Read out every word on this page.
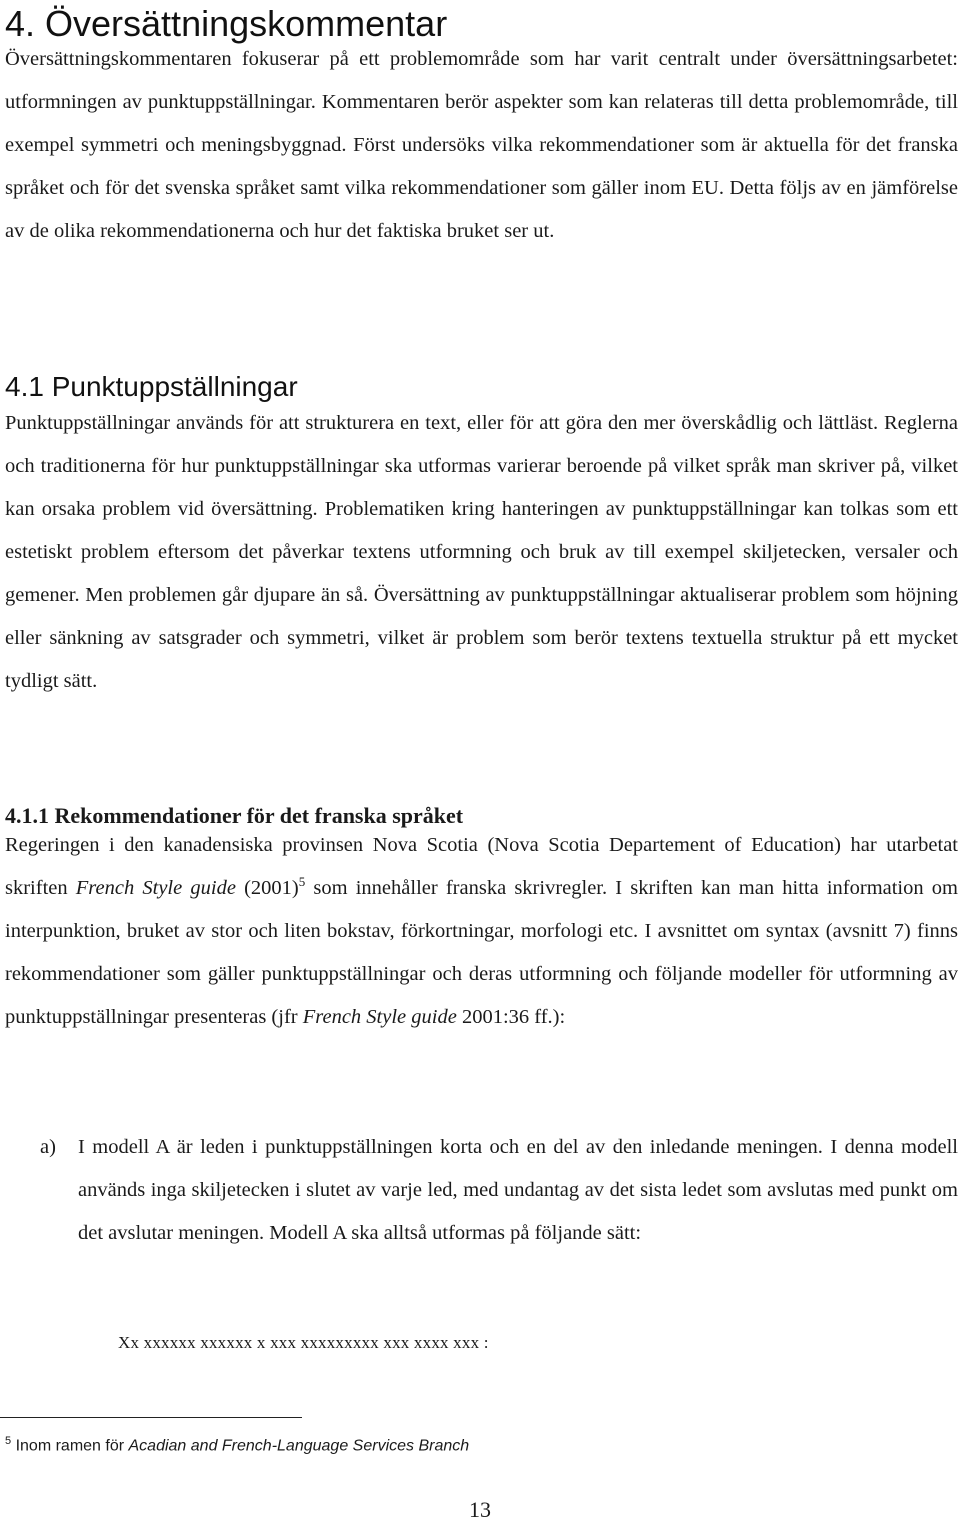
4. Översättningskommentar
Översättningskommentaren fokuserar på ett problemområde som har varit centralt under översättningsarbetet: utformningen av punktuppställningar. Kommentaren berör aspekter som kan relateras till detta problemområde, till exempel symmetri och meningsbyggnad. Först undersöks vilka rekommendationer som är aktuella för det franska språket och för det svenska språket samt vilka rekommendationer som gäller inom EU. Detta följs av en jämförelse av de olika rekommendationerna och hur det faktiska bruket ser ut.
4.1 Punktuppställningar
Punktuppställningar används för att strukturera en text, eller för att göra den mer överskådlig och lättläst. Reglerna och traditionerna för hur punktuppställningar ska utformas varierar beroende på vilket språk man skriver på, vilket kan orsaka problem vid översättning. Problematiken kring hanteringen av punktuppställningar kan tolkas som ett estetiskt problem eftersom det påverkar textens utformning och bruk av till exempel skiljetecken, versaler och gemener. Men problemen går djupare än så. Översättning av punktuppställningar aktualiserar problem som höjning eller sänkning av satsgrader och symmetri, vilket är problem som berör textens textuella struktur på ett mycket tydligt sätt.
4.1.1 Rekommendationer för det franska språket
Regeringen i den kanadensiska provinsen Nova Scotia (Nova Scotia Departement of Education) har utarbetat skriften French Style guide (2001)$^5$ som innehåller franska skrivregler. I skriften kan man hitta information om interpunktion, bruket av stor och liten bokstav, förkortningar, morfologi etc. I avsnittet om syntax (avsnitt 7) finns rekommendationer som gäller punktuppställningar och deras utformning och följande modeller för utformning av punktuppställningar presenteras (jfr French Style guide 2001:36 ff.):
a)	I modell A är leden i punktuppställningen korta och en del av den inledande meningen. I denna modell används inga skiljetecken i slutet av varje led, med undantag av det sista ledet som avslutas med punkt om det avslutar meningen. Modell A ska alltså utformas på följande sätt:
Xx xxxxxx xxxxxx x xxx xxxxxxxxx xxx xxxx xxx :
$^5$ Inom ramen för Acadian and French-Language Services Branch
13
